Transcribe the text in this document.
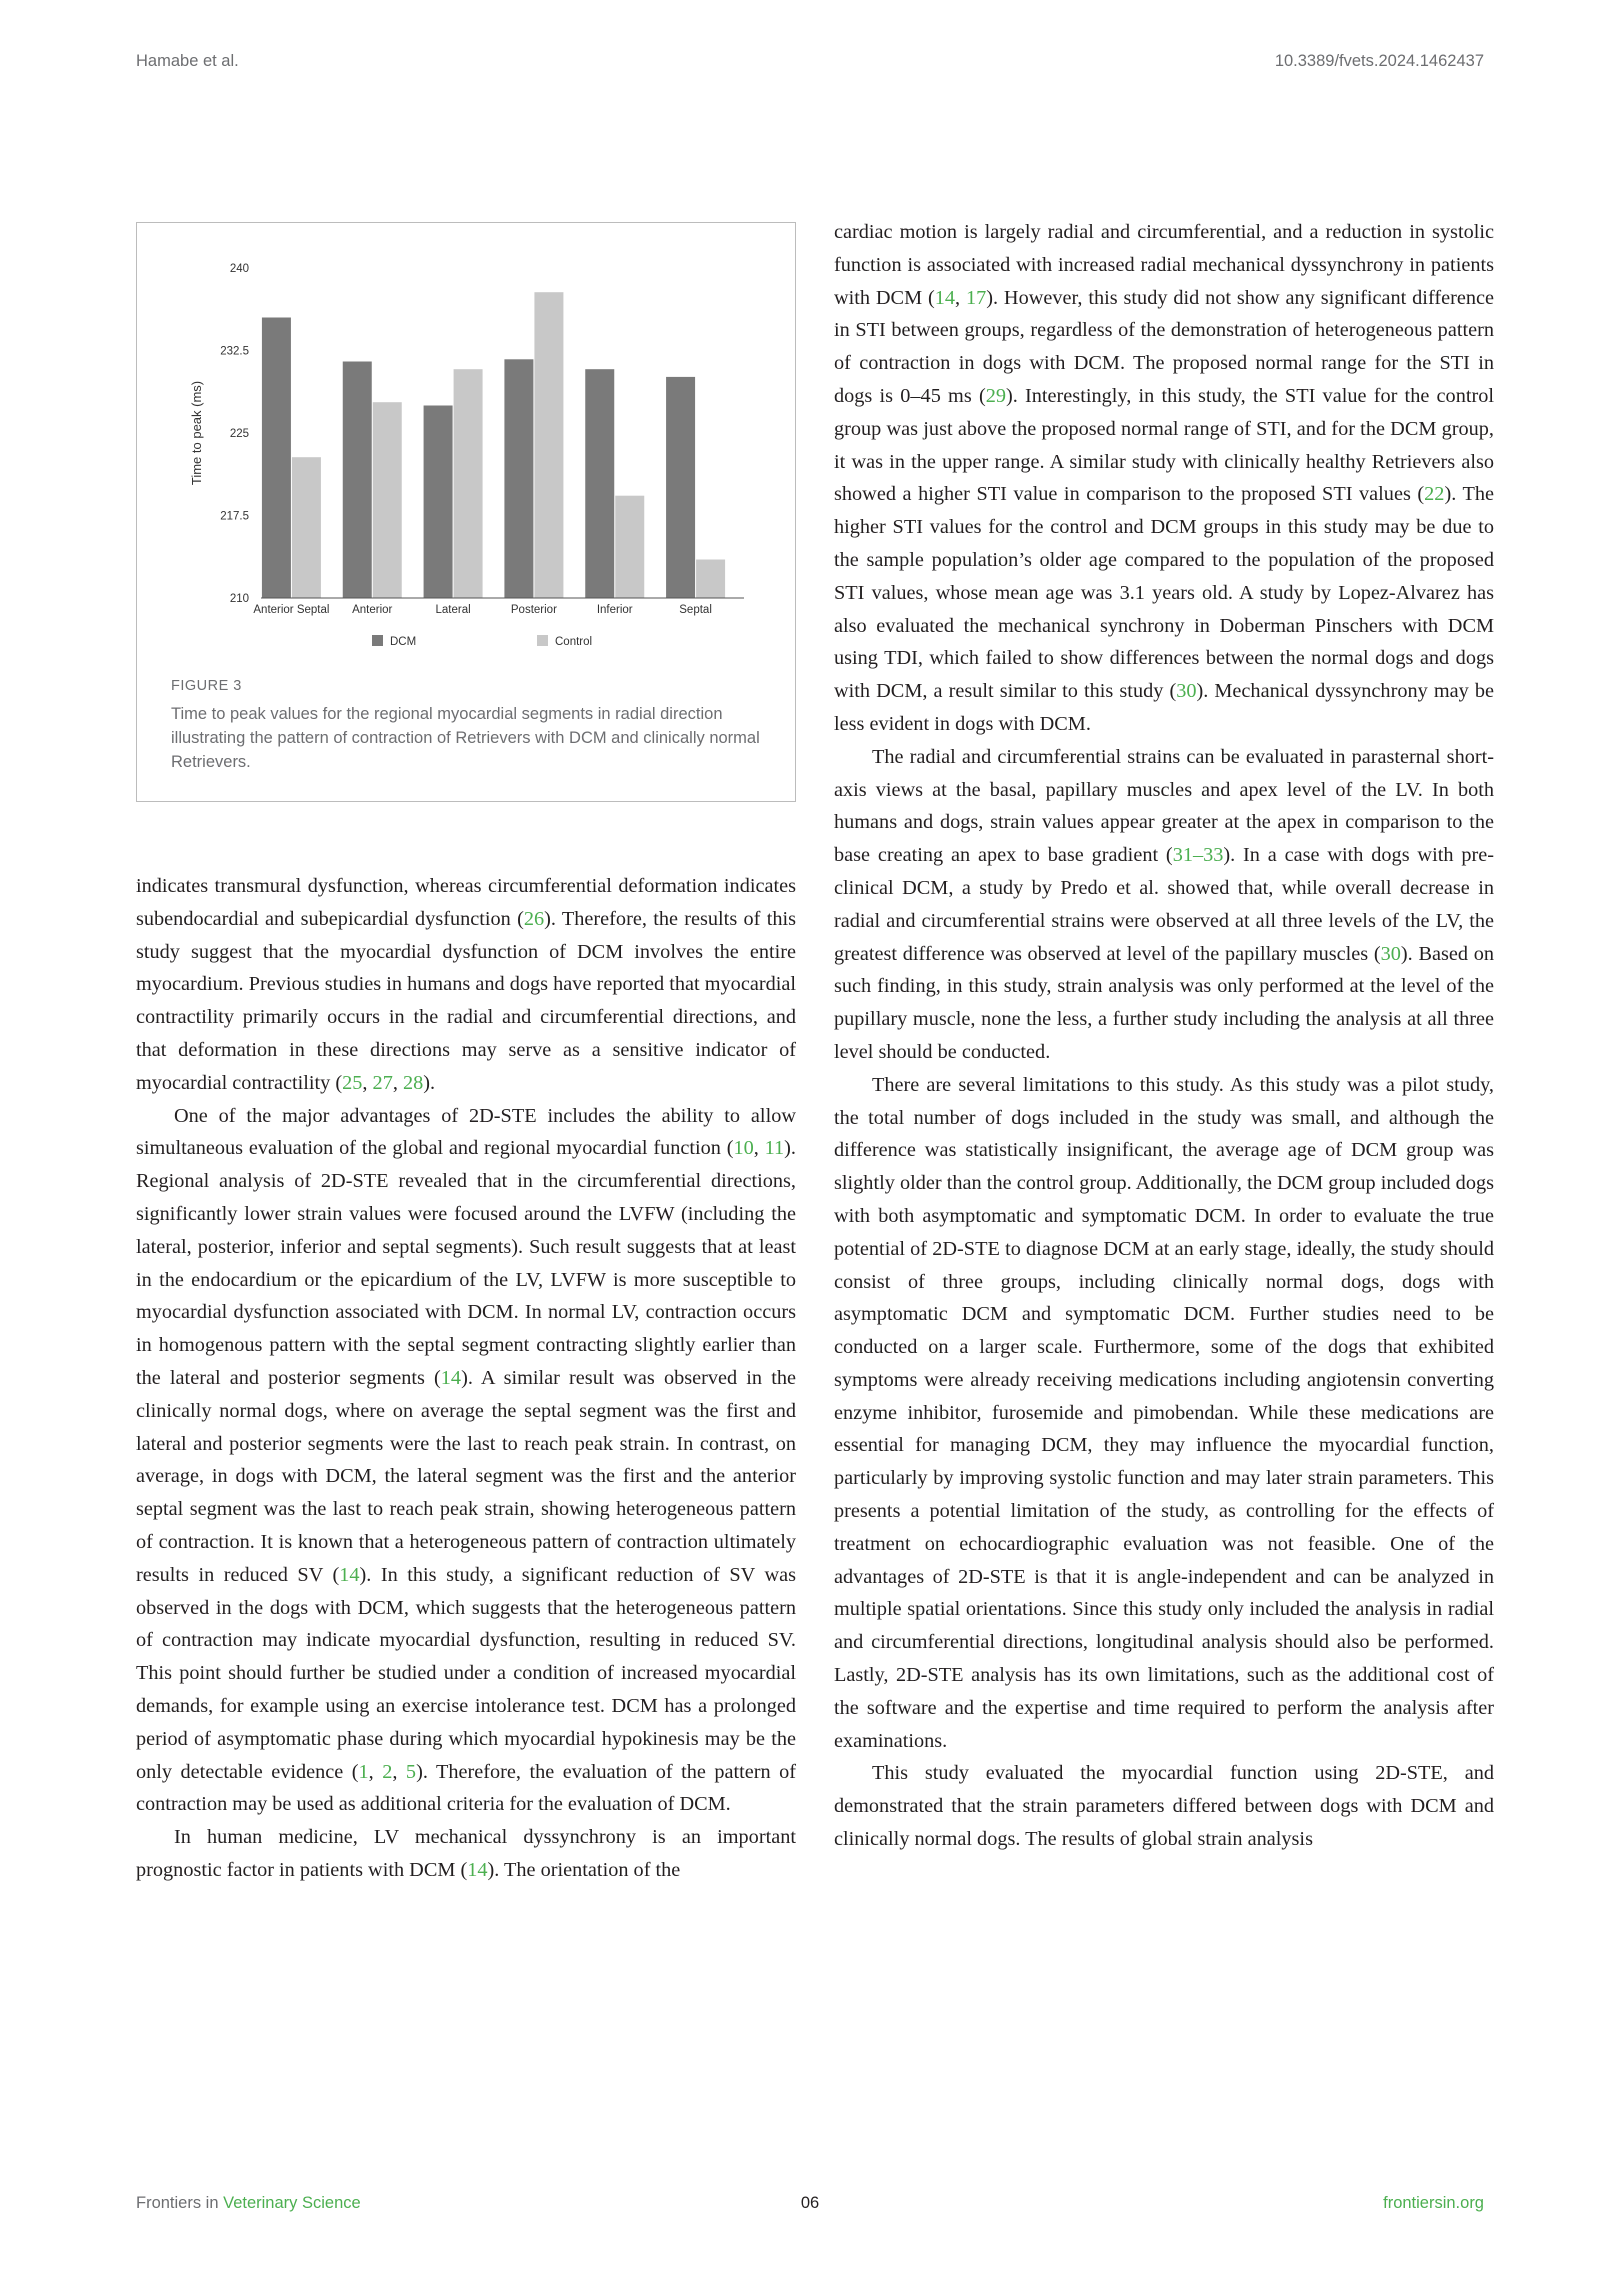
Hamabe et al.	10.3389/fvets.2024.1462437
240
232.5
225
217.5
210
Time to peak (ms)
Anterior Septal Anterior	Lateral	Posterior	Inferior	Septal
DCM	Control
FIGURE 3
Time to peak values for the regional myocardial segments in radial direction illustrating the pattern of contraction of Retrievers with DCM and clinically normal Retrievers.

indicates transmural dysfunction, whereas circumferential deformation indicates subendocardial and subepicardial dysfunction (26). Therefore, the results of this study suggest that the myocardial dysfunction of DCM involves the entire myocardium. Previous studies in humans and dogs have reported that myocardial contractility primarily occurs in the radial and circumferential directions, and that deformation in these directions may serve as a sensitive indicator of myocardial contractility (25, 27, 28).

One of the major advantages of 2D-STE includes the ability to allow simultaneous evaluation of the global and regional myocardial function (10, 11). Regional analysis of 2D-STE revealed that in the circumferential directions, significantly lower strain values were focused around the LVFW (including the lateral, posterior, inferior and septal segments). Such result suggests that at least in the endocardium or the epicardium of the LV, LVFW is more susceptible to myocardial dysfunction associated with DCM. In normal LV, contraction occurs in homogenous pattern with the septal segment contracting slightly earlier than the lateral and posterior segments (14). A similar result was observed in the clinically normal dogs, where on average the septal segment was the first and lateral and posterior segments were the last to reach peak strain. In contrast, on average, in dogs with DCM, the lateral segment was the first and the anterior septal segment was the last to reach peak strain, showing heterogeneous pattern of contraction. It is known that a heterogeneous pattern of contraction ultimately results in reduced SV (14). In this study, a significant reduction of SV was observed in the dogs with DCM, which suggests that the heterogeneous pattern of contraction may indicate myocardial dysfunction, resulting in reduced SV. This point should further be studied under a condition of increased myocardial demands, for example using an exercise intolerance test. DCM has a prolonged period of asymptomatic phase during which myocardial hypokinesis may be the only detectable evidence (1, 2, 5). Therefore, the evaluation of the pattern of contraction may be used as additional criteria for the evaluation of DCM.

In human medicine, LV mechanical dyssynchrony is an important prognostic factor in patients with DCM (14). The orientation of the

cardiac motion is largely radial and circumferential, and a reduction in systolic function is associated with increased radial mechanical dyssynchrony in patients with DCM (14, 17). However, this study did not show any significant difference in STI between groups, regardless of the demonstration of heterogeneous pattern of contraction in dogs with DCM. The proposed normal range for the STI in dogs is 0–45 ms (29). Interestingly, in this study, the STI value for the control group was just above the proposed normal range of STI, and for the DCM group, it was in the upper range. A similar study with clinically healthy Retrievers also showed a higher STI value in comparison to the proposed STI values (22). The higher STI values for the control and DCM groups in this study may be due to the sample population’s older age compared to the population of the proposed STI values, whose mean age was 3.1 years old. A study by Lopez-Alvarez has also evaluated the mechanical synchrony in Doberman Pinschers with DCM using TDI, which failed to show differences between the normal dogs and dogs with DCM, a result similar to this study (30). Mechanical dyssynchrony may be less evident in dogs with DCM.

The radial and circumferential strains can be evaluated in parasternal short-axis views at the basal, papillary muscles and apex level of the LV. In both humans and dogs, strain values appear greater at the apex in comparison to the base creating an apex to base gradient (31–33). In a case with dogs with pre-clinical DCM, a study by Predo et al. showed that, while overall decrease in radial and circumferential strains were observed at all three levels of the LV, the greatest difference was observed at level of the papillary muscles (30). Based on such finding, in this study, strain analysis was only performed at the level of the pupillary muscle, none the less, a further study including the analysis at all three level should be conducted.

There are several limitations to this study. As this study was a pilot study, the total number of dogs included in the study was small, and although the difference was statistically insignificant, the average age of DCM group was slightly older than the control group. Additionally, the DCM group included dogs with both asymptomatic and symptomatic DCM. In order to evaluate the true potential of 2D-STE to diagnose DCM at an early stage, ideally, the study should consist of three groups, including clinically normal dogs, dogs with asymptomatic DCM and symptomatic DCM. Further studies need to be conducted on a larger scale. Furthermore, some of the dogs that exhibited symptoms were already receiving medications including angiotensin converting enzyme inhibitor, furosemide and pimobendan. While these medications are essential for managing DCM, they may influence the myocardial function, particularly by improving systolic function and may later strain parameters. This presents a potential limitation of the study, as controlling for the effects of treatment on echocardiographic evaluation was not feasible. One of the advantages of 2D-STE is that it is angle-independent and can be analyzed in multiple spatial orientations. Since this study only included the analysis in radial and circumferential directions, longitudinal analysis should also be performed. Lastly, 2D-STE analysis has its own limitations, such as the additional cost of the software and the expertise and time required to perform the analysis after examinations.

This study evaluated the myocardial function using 2D-STE, and demonstrated that the strain parameters differed between dogs with DCM and clinically normal dogs. The results of global strain analysis

Frontiers in Veterinary Science	06	frontiersin.org
